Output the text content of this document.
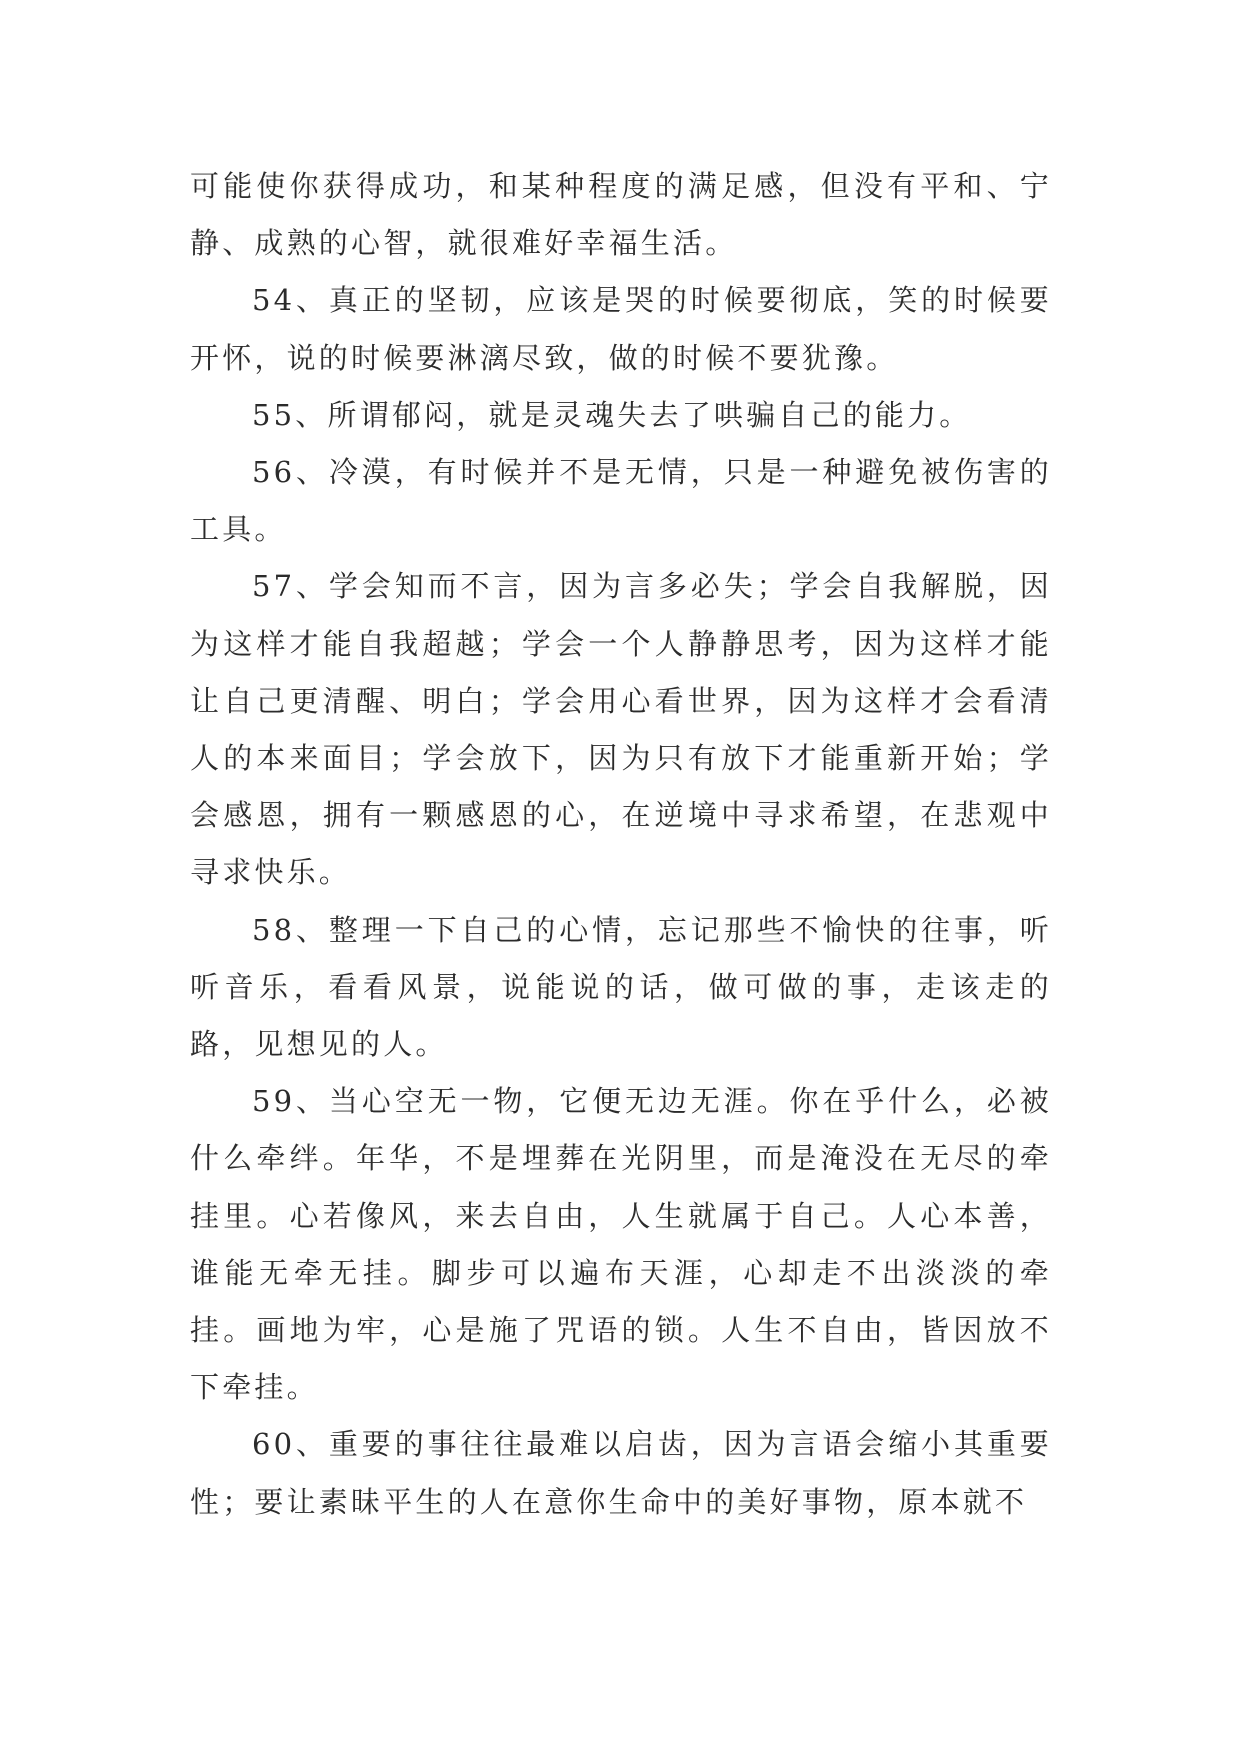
可能使你获得成功，和某种程度的满足感，但没有平和、宁静、成熟的心智，就很难好幸福生活。

54、真正的坚韧，应该是哭的时候要彻底，笑的时候要开怀，说的时候要淋漓尽致，做的时候不要犹豫。

55、所谓郁闷，就是灵魂失去了哄骗自己的能力。

56、冷漠，有时候并不是无情，只是一种避免被伤害的工具。

57、学会知而不言，因为言多必失；学会自我解脱，因为这样才能自我超越；学会一个人静静思考，因为这样才能让自己更清醒、明白；学会用心看世界，因为这样才会看清人的本来面目；学会放下，因为只有放下才能重新开始；学会感恩，拥有一颗感恩的心，在逆境中寻求希望，在悲观中寻求快乐。

58、整理一下自己的心情，忘记那些不愉快的往事，听听音乐，看看风景，说能说的话，做可做的事，走该走的路，见想见的人。

59、当心空无一物，它便无边无涯。你在乎什么，必被什么牵绊。年华，不是埋葬在光阴里，而是淹没在无尽的牵挂里。心若像风，来去自由，人生就属于自己。人心本善，谁能无牵无挂。脚步可以遍布天涯，心却走不出淡淡的牵挂。画地为牢，心是施了咒语的锁。人生不自由，皆因放不下牵挂。

60、重要的事往往最难以启齿，因为言语会缩小其重要性；要让素昧平生的人在意你生命中的美好事物，原本就不
